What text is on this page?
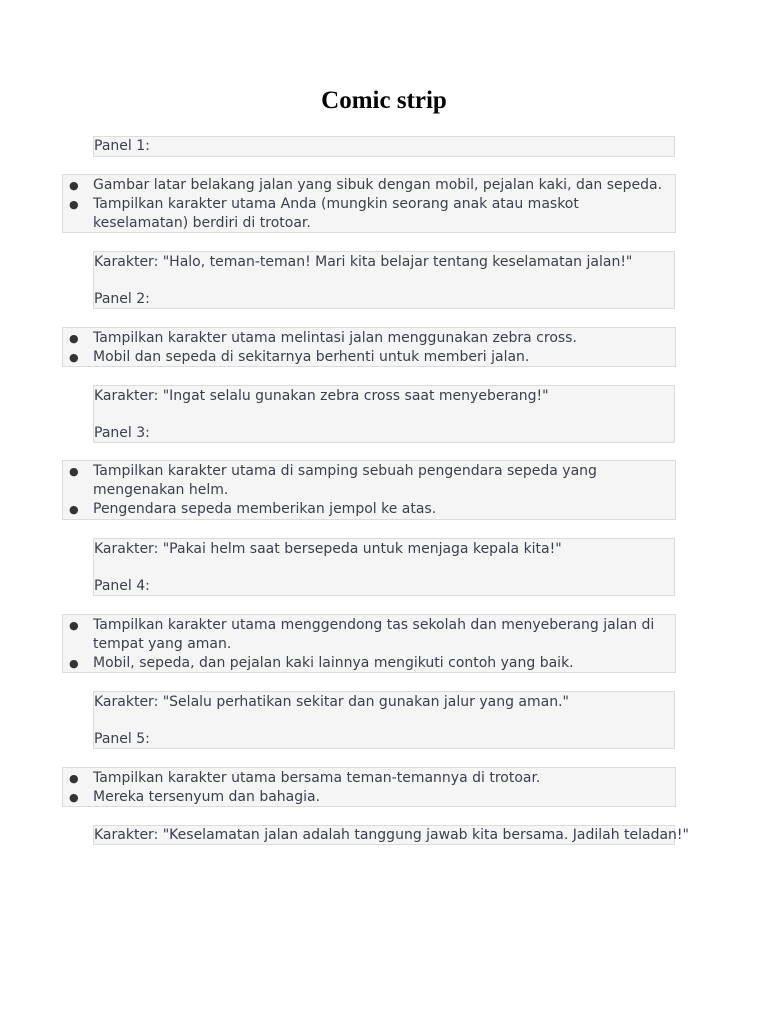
Comic strip
Panel 1:
● Gambar latar belakang jalan yang sibuk dengan mobil, pejalan kaki, dan sepeda.
● Tampilkan karakter utama Anda (mungkin seorang anak atau maskot keselamatan) berdiri di trotoar.
Karakter: "Halo, teman-teman! Mari kita belajar tentang keselamatan jalan!"
Panel 2:
● Tampilkan karakter utama melintasi jalan menggunakan zebra cross.
● Mobil dan sepeda di sekitarnya berhenti untuk memberi jalan.
Karakter: "Ingat selalu gunakan zebra cross saat menyeberang!"
Panel 3:
● Tampilkan karakter utama di samping sebuah pengendara sepeda yang mengenakan helm.
● Pengendara sepeda memberikan jempol ke atas.
Karakter: "Pakai helm saat bersepeda untuk menjaga kepala kita!"
Panel 4:
● Tampilkan karakter utama menggendong tas sekolah dan menyeberang jalan di tempat yang aman.
● Mobil, sepeda, dan pejalan kaki lainnya mengikuti contoh yang baik.
Karakter: "Selalu perhatikan sekitar dan gunakan jalur yang aman."
Panel 5:
● Tampilkan karakter utama bersama teman-temannya di trotoar.
● Mereka tersenyum dan bahagia.
Karakter: "Keselamatan jalan adalah tanggung jawab kita bersama. Jadilah teladan!"
